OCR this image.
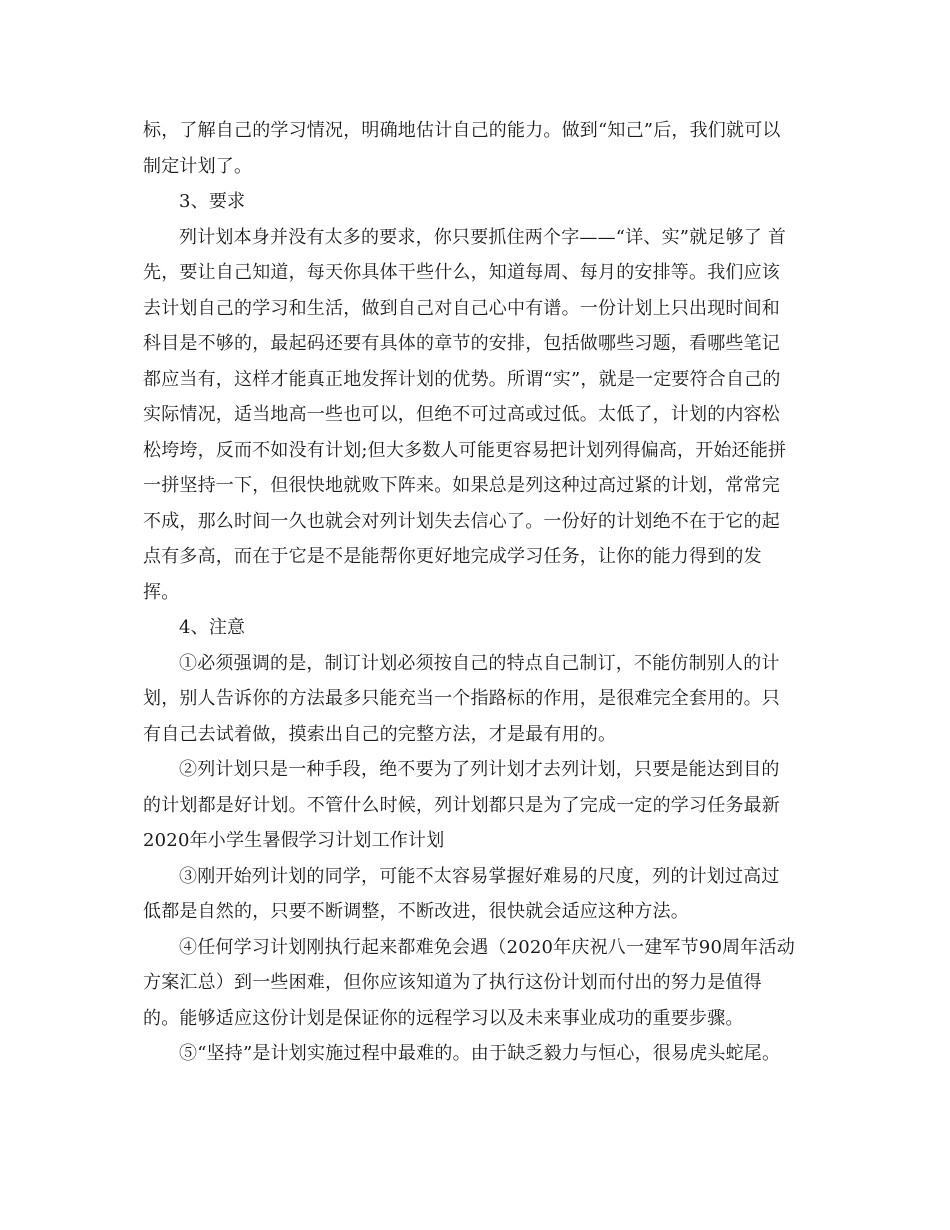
标，了解自己的学习情况，明确地估计自己的能力。做到“知己”后，我们就可以
制定计划了。
3、要求
列计划本身并没有太多的要求，你只要抓住两个字——“详、实”就足够了 首
先，要让自己知道，每天你具体干些什么，知道每周、每月的安排等。我们应该
去计划自己的学习和生活，做到自己对自己心中有谱。一份计划上只出现时间和
科目是不够的，最起码还要有具体的章节的安排，包括做哪些习题，看哪些笔记
都应当有，这样才能真正地发挥计划的优势。所谓“实”，就是一定要符合自己的
实际情况，适当地高一些也可以，但绝不可过高或过低。太低了，计划的内容松
松垮垮，反而不如没有计划;但大多数人可能更容易把计划列得偏高，开始还能拼
一拼坚持一下，但很快地就败下阵来。如果总是列这种过高过紧的计划，常常完
不成，那么时间一久也就会对列计划失去信心了。一份好的计划绝不在于它的起
点有多高，而在于它是不是能帮你更好地完成学习任务，让你的能力得到的发
挥。
4、注意
①必须强调的是，制订计划必须按自己的特点自己制订，不能仿制别人的计
划，别人告诉你的方法最多只能充当一个指路标的作用，是很难完全套用的。只
有自己去试着做，摸索出自己的完整方法，才是最有用的。
②列计划只是一种手段，绝不要为了列计划才去列计划，只要是能达到目的
的计划都是好计划。不管什么时候，列计划都只是为了完成一定的学习任务最新
2020年小学生暑假学习计划工作计划
③刚开始列计划的同学，可能不太容易掌握好难易的尺度，列的计划过高过
低都是自然的，只要不断调整，不断改进，很快就会适应这种方法。
④任何学习计划刚执行起来都难免会遇（2020年庆祝八一建军节90周年活动
方案汇总）到一些困难，但你应该知道为了执行这份计划而付出的努力是值得
的。能够适应这份计划是保证你的远程学习以及未来事业成功的重要步骤。
⑤“坚持”是计划实施过程中最难的。由于缺乏毅力与恒心，很易虎头蛇尾。
